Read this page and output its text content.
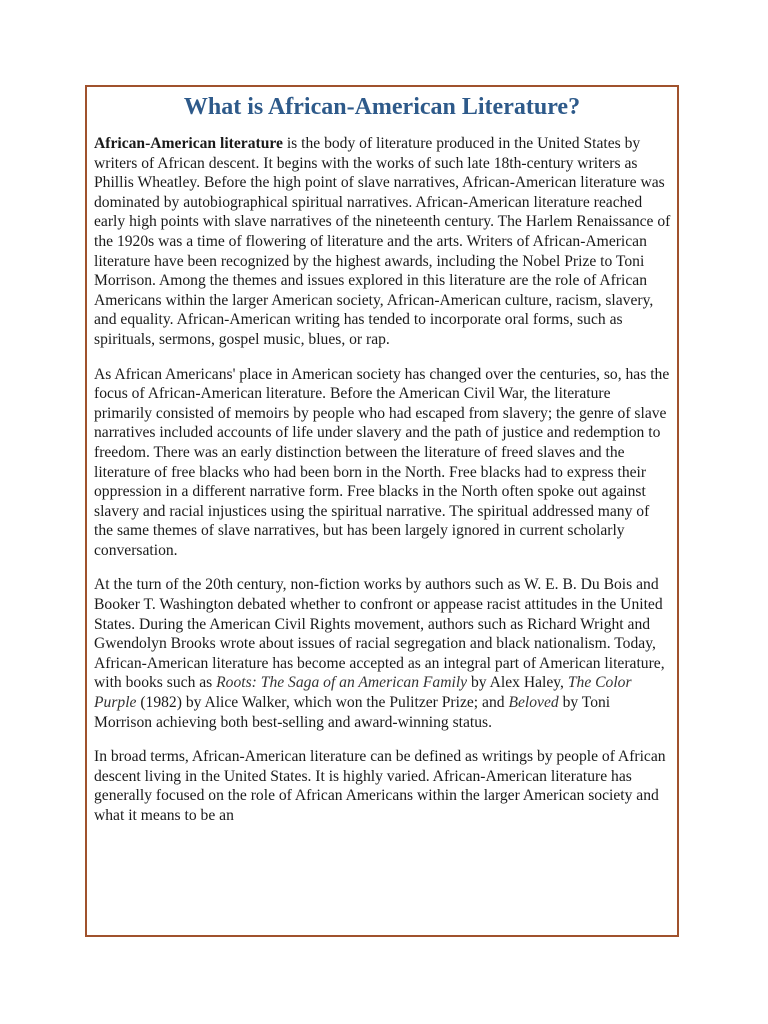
What is African-American Literature?

African-American literature is the body of literature produced in the United States by writers of African descent. It begins with the works of such late 18th-century writers as Phillis Wheatley. Before the high point of slave narratives, African-American literature was dominated by autobiographical spiritual narratives. African-American literature reached early high points with slave narratives of the nineteenth century. The Harlem Renaissance of the 1920s was a time of flowering of literature and the arts. Writers of African-American literature have been recognized by the highest awards, including the Nobel Prize to Toni Morrison. Among the themes and issues explored in this literature are the role of African Americans within the larger American society, African-American culture, racism, slavery, and equality. African-American writing has tended to incorporate oral forms, such as spirituals, sermons, gospel music, blues, or rap.

As African Americans' place in American society has changed over the centuries, so, has the focus of African-American literature. Before the American Civil War, the literature primarily consisted of memoirs by people who had escaped from slavery; the genre of slave narratives included accounts of life under slavery and the path of justice and redemption to freedom. There was an early distinction between the literature of freed slaves and the literature of free blacks who had been born in the North. Free blacks had to express their oppression in a different narrative form. Free blacks in the North often spoke out against slavery and racial injustices using the spiritual narrative. The spiritual addressed many of the same themes of slave narratives, but has been largely ignored in current scholarly conversation.

At the turn of the 20th century, non-fiction works by authors such as W. E. B. Du Bois and Booker T. Washington debated whether to confront or appease racist attitudes in the United States. During the American Civil Rights movement, authors such as Richard Wright and Gwendolyn Brooks wrote about issues of racial segregation and black nationalism. Today, African-American literature has become accepted as an integral part of American literature, with books such as Roots: The Saga of an American Family by Alex Haley, The Color Purple (1982) by Alice Walker, which won the Pulitzer Prize; and Beloved by Toni Morrison achieving both best-selling and award-winning status.

In broad terms, African-American literature can be defined as writings by people of African descent living in the United States. It is highly varied. African-American literature has generally focused on the role of African Americans within the larger American society and what it means to be an
